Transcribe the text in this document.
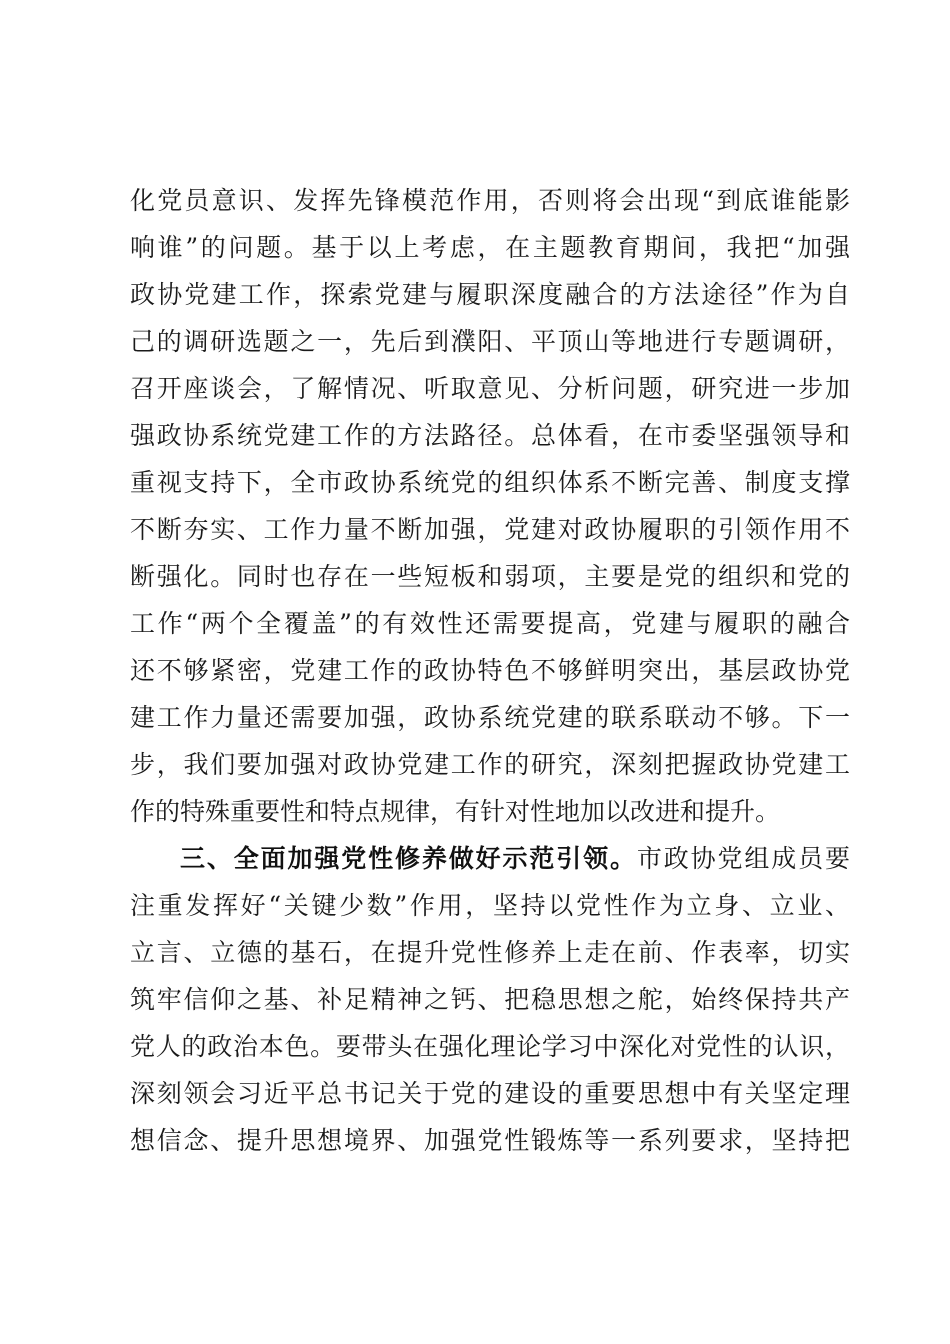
化党员意识、发挥先锋模范作用，否则将会出现“到底谁能影
响谁”的问题。基于以上考虑，在主题教育期间，我把“加强
政协党建工作，探索党建与履职深度融合的方法途径”作为自
己的调研选题之一，先后到濮阳、平顶山等地进行专题调研，
召开座谈会，了解情况、听取意见、分析问题，研究进一步加
强政协系统党建工作的方法路径。总体看，在市委坚强领导和
重视支持下，全市政协系统党的组织体系不断完善、制度支撑
不断夯实、工作力量不断加强，党建对政协履职的引领作用不
断强化。同时也存在一些短板和弱项，主要是党的组织和党的
工作“两个全覆盖”的有效性还需要提高，党建与履职的融合
还不够紧密，党建工作的政协特色不够鲜明突出，基层政协党
建工作力量还需要加强，政协系统党建的联系联动不够。下一
步，我们要加强对政协党建工作的研究，深刻把握政协党建工
作的特殊重要性和特点规律，有针对性地加以改进和提升。
三、全面加强党性修养做好示范引领。市政协党组成员要
注重发挥好“关键少数”作用，坚持以党性作为立身、立业、
立言、立德的基石，在提升党性修养上走在前、作表率，切实
筑牢信仰之基、补足精神之钙、把稳思想之舵，始终保持共产
党人的政治本色。要带头在强化理论学习中深化对党性的认识，
深刻领会习近平总书记关于党的建设的重要思想中有关坚定理
想信念、提升思想境界、加强党性锻炼等一系列要求，坚持把
